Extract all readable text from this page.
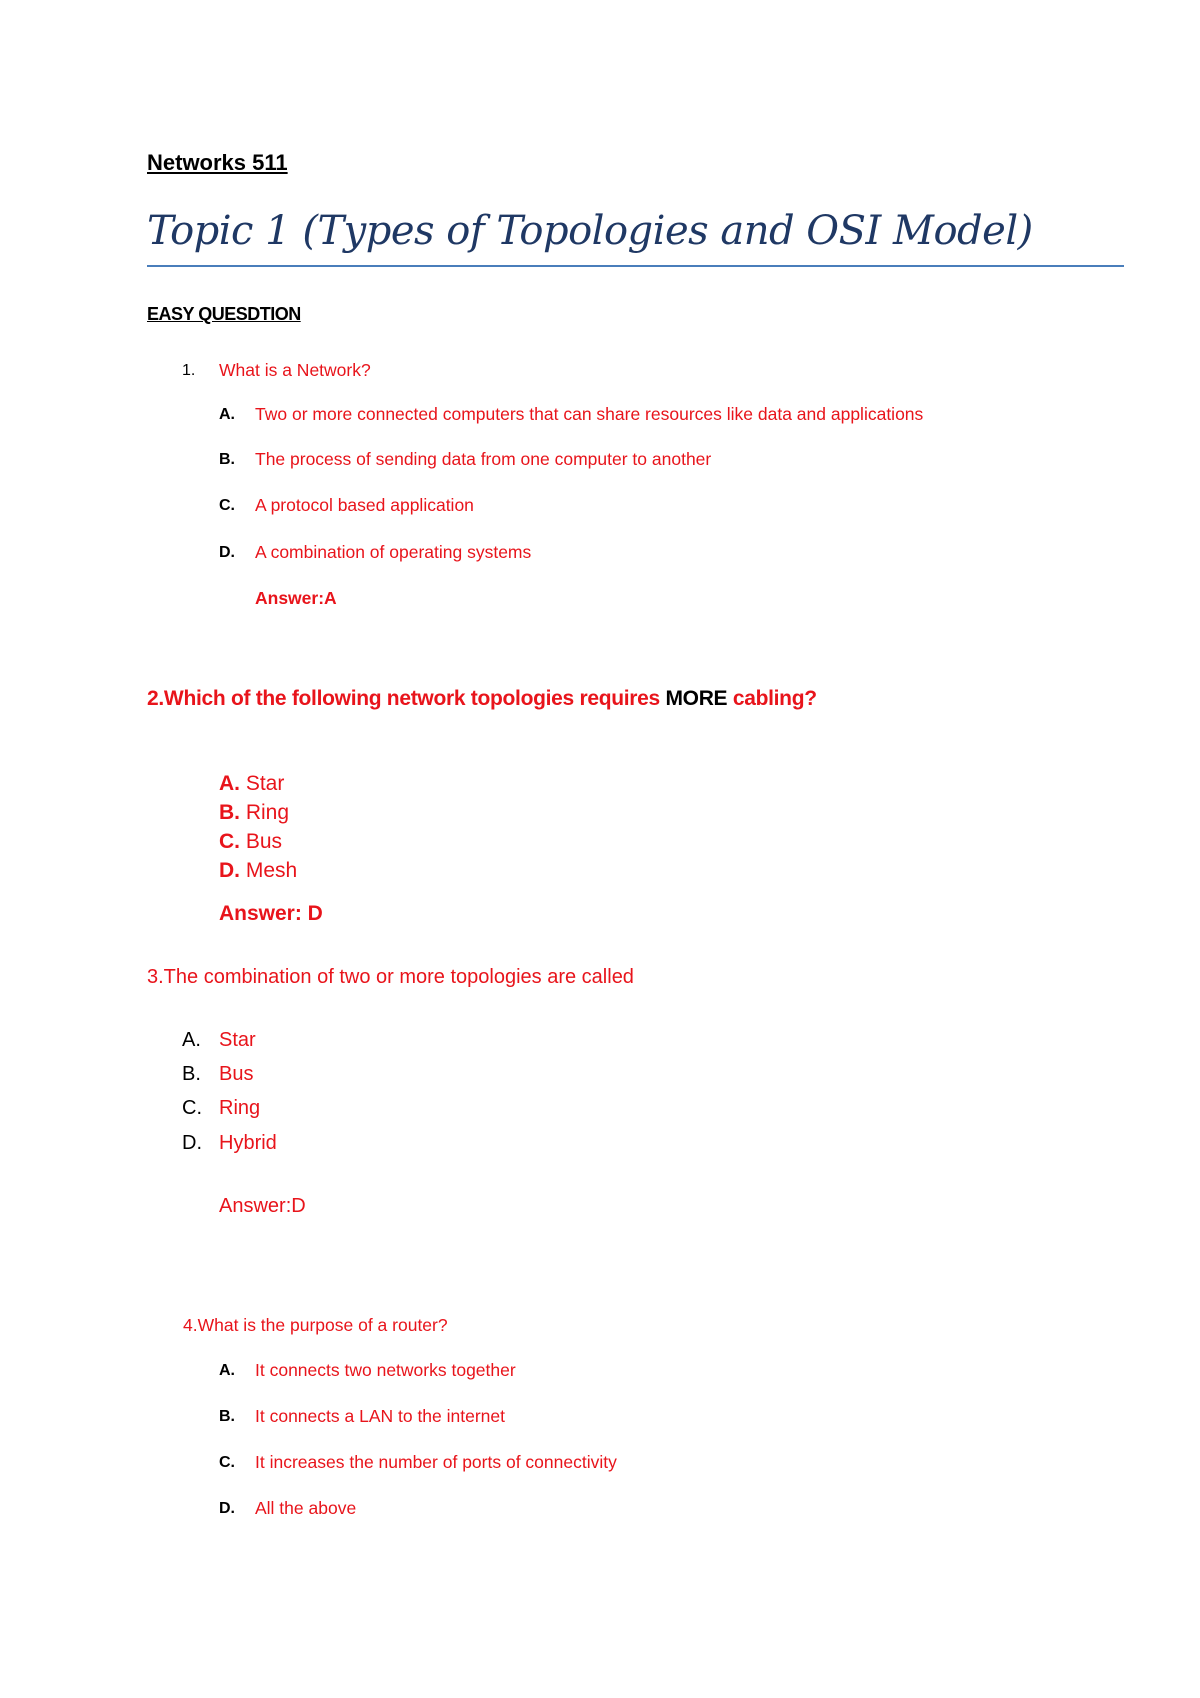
Networks 511
Topic 1 (Types of Topologies and OSI Model)
EASY QUESDTION
1. What is a Network?
A. Two or more connected computers that can share resources like data and applications
B. The process of sending data from one computer to another
C. A protocol based application
D. A combination of operating systems
Answer:A
2.Which of the following network topologies requires MORE cabling?
A. Star
B. Ring
C. Bus
D. Mesh
Answer: D
3.The combination of two or more topologies are called
A. Star
B. Bus
C. Ring
D. Hybrid
Answer:D
4.What is the purpose of a router?
A. It connects two networks together
B. It connects a LAN to the internet
C. It increases the number of ports of connectivity
D. All the above
